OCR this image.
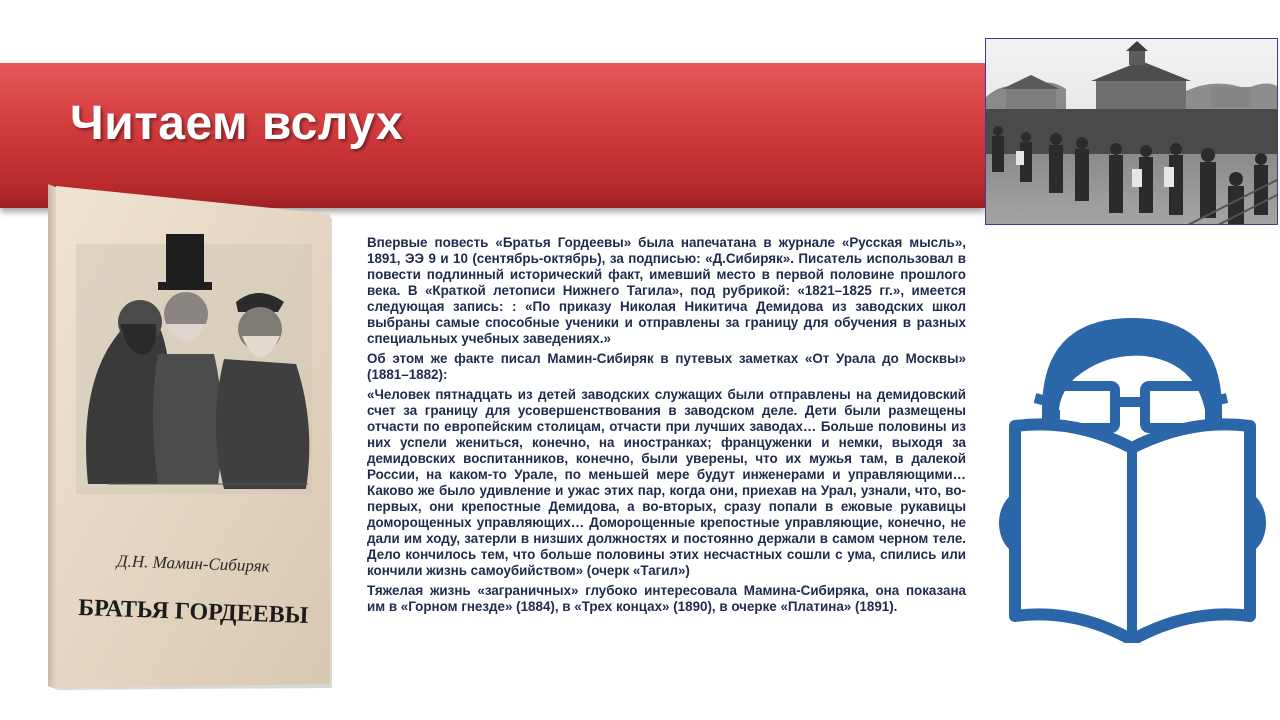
Читаем вслух
Д.Н. Мамин-Сибиряк
БРАТЬЯ ГОРДЕЕВЫ

Впервые повесть «Братья Гордеевы» была напечатана в журнале «Русская мысль», 1891, ЭЭ 9 и 10 (сентябрь-октябрь), за подписью: «Д.Сибиряк». Писатель использовал в повести подлинный исторический факт, имевший место в первой половине прошлого века. В «Краткой летописи Нижнего Тагила», под рубрикой: «1821–1825 гг.», имеется следующая запись: : «По приказу Николая Никитича Демидова из заводских школ выбраны самые способные ученики и отправлены за границу для обучения в разных специальных учебных заведениях.»

Об этом же факте писал Мамин-Сибиряк в путевых заметках «От Урала до Москвы» (1881–1882):

«Человек пятнадцать из детей заводских служащих были отправлены на демидовский счет за границу для усовершенствования в заводском деле. Дети были размещены отчасти по европейским столицам, отчасти при лучших заводах… Больше половины из них успели жениться, конечно, на иностранках; француженки и немки, выходя за демидовских воспитанников, конечно, были уверены, что их мужья там, в далекой России, на каком-то Урале, по меньшей мере будут инженерами и управляющими… Каково же было удивление и ужас этих пар, когда они, приехав на Урал, узнали, что, во-первых, они крепостные Демидова, а во-вторых, сразу попали в ежовые рукавицы доморощенных управляющих… Доморощенные крепостные управляющие, конечно, не дали им ходу, затерли в низших должностях и постоянно держали в самом черном теле. Дело кончилось тем, что больше половины этих несчастных сошли с ума, спились или кончили жизнь самоубийством» (очерк «Тагил»)

Тяжелая жизнь «заграничных» глубоко интересовала Мамина-Сибиряка, она показана им в «Горном гнезде» (1884), в «Трех концах» (1890), в очерке «Платина» (1891).
